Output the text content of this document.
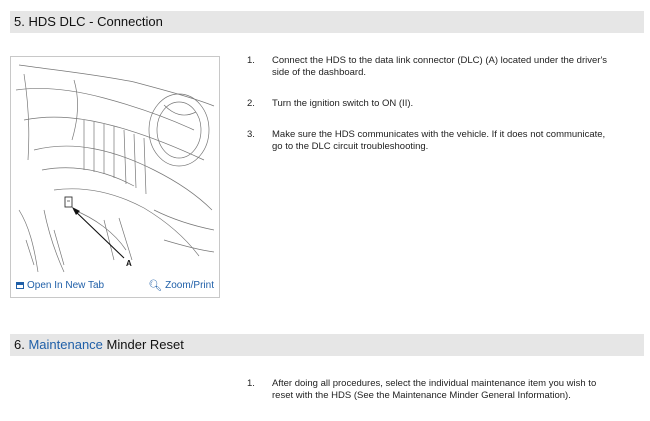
5. HDS DLC - Connection
A
Open In New Tab	🔍︎ Zoom/Print
1.	Connect the HDS to the data link connector (DLC) (A) located under the driver's side of the dashboard.
2.	Turn the ignition switch to ON (II).
3.	Make sure the HDS communicates with the vehicle. If it does not communicate, go to the DLC circuit troubleshooting.
6. Maintenance Minder Reset
1.	After doing all procedures, select the individual maintenance item you wish to reset with the HDS (See the Maintenance Minder General Information).
